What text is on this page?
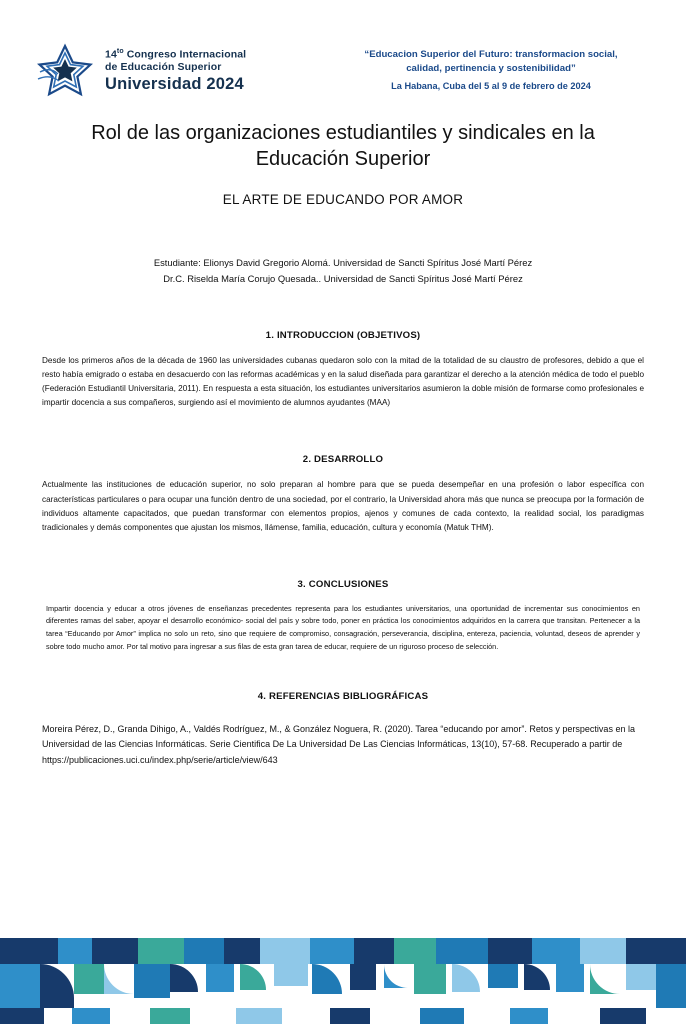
$14^{to}$ Congreso Internacional
de Educación Superior
Universidad 2024
“Educacion Superior del Futuro: transformacion social,
calidad, pertinencia y sostenibilidad”
La Habana, Cuba del 5 al 9 de febrero de 2024
Rol de las organizaciones estudiantiles y sindicales en la Educación Superior
EL ARTE DE EDUCANDO POR AMOR
Estudiante: Elionys David Gregorio Alomá. Universidad de Sancti Spíritus José Martí Pérez
Dr.C. Riselda María Corujo Quesada.. Universidad de Sancti Spíritus José Martí Pérez
1. INTRODUCCION (OBJETIVOS)
Desde los primeros años de la década de 1960 las universidades cubanas quedaron solo con la mitad de la totalidad de su claustro de profesores, debido a que el resto había emigrado o estaba en desacuerdo con las reformas académicas y en la salud diseñada para garantizar el derecho a la atención médica de todo el pueblo (Federación Estudiantil Universitaria, 2011). En respuesta a esta situación, los estudiantes universitarios asumieron la doble misión de formarse como profesionales e impartir docencia a sus compañeros, surgiendo así el movimiento de alumnos ayudantes (MAA)
2. DESARROLLO
Actualmente las instituciones de educación superior, no solo preparan al hombre para que se pueda desempeñar en una profesión o labor específica con características particulares o para ocupar una función dentro de una sociedad, por el contrario, la Universidad ahora más que nunca se preocupa por la formación de individuos altamente capacitados, que puedan transformar con elementos propios, ajenos y comunes de cada contexto, la realidad social, los paradigmas tradicionales y demás componentes que ajustan los mismos, llámense, familia, educación, cultura y economía (Matuk THM).
3. CONCLUSIONES
Impartir docencia y educar a otros jóvenes de enseñanzas precedentes representa para los estudiantes universitarios, una oportunidad de incrementar sus conocimientos en diferentes ramas del saber, apoyar el desarrollo económico- social del país y sobre todo, poner en práctica los conocimientos adquiridos en la carrera que transitan. Pertenecer a la tarea “Educando por Amor” implica no solo un reto, sino que requiere de compromiso, consagración, perseverancia, disciplina, entereza, paciencia, voluntad, deseos de aprender y sobre todo mucho amor. Por tal motivo para ingresar a sus filas de esta gran tarea de educar, requiere de un riguroso proceso de selección.
4. REFERENCIAS BIBLIOGRÁFICAS
Moreira Pérez, D., Granda Dihigo, A., Valdés Rodríguez, M., & González Noguera, R. (2020). Tarea “educando por amor”. Retos y perspectivas en la Universidad de las Ciencias Informáticas. Serie Cientifica De La Universidad De Las Ciencias Informáticas, 13(10), 57-68. Recuperado a partir de https://publicaciones.uci.cu/index.php/serie/article/view/643
